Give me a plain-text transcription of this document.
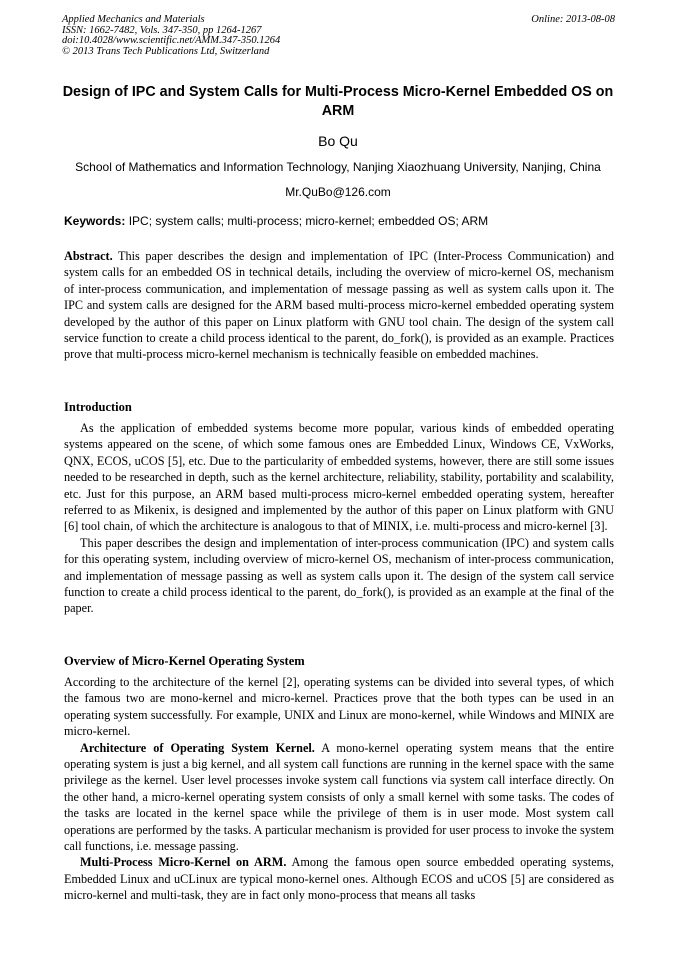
Applied Mechanics and Materials
ISSN: 1662-7482, Vols. 347-350, pp 1264-1267
doi:10.4028/www.scientific.net/AMM.347-350.1264
© 2013 Trans Tech Publications Ltd, Switzerland
Online: 2013-08-08
Design of IPC and System Calls for Multi-Process Micro-Kernel Embedded OS on ARM
Bo Qu
School of Mathematics and Information Technology, Nanjing Xiaozhuang University, Nanjing, China
Mr.QuBo@126.com
Keywords: IPC; system calls; multi-process; micro-kernel; embedded OS; ARM

Abstract. This paper describes the design and implementation of IPC (Inter-Process Communication) and system calls for an embedded OS in technical details, including the overview of micro-kernel OS, mechanism of inter-process communication, and implementation of message passing as well as system calls upon it. The IPC and system calls are designed for the ARM based multi-process micro-kernel embedded operating system developed by the author of this paper on Linux platform with GNU tool chain. The design of the system call service function to create a child process identical to the parent, do_fork(), is provided as an example. Practices prove that multi-process micro-kernel mechanism is technically feasible on embedded machines.

Introduction

As the application of embedded systems become more popular, various kinds of embedded operating systems appeared on the scene, of which some famous ones are Embedded Linux, Windows CE, VxWorks, QNX, ECOS, uCOS [5], etc. Due to the particularity of embedded systems, however, there are still some issues needed to be researched in depth, such as the kernel architecture, reliability, stability, portability and scalability, etc. Just for this purpose, an ARM based multi-process micro-kernel embedded operating system, hereafter referred to as Mikenix, is designed and implemented by the author of this paper on Linux platform with GNU [6] tool chain, of which the architecture is analogous to that of MINIX, i.e. multi-process and micro-kernel [3].

This paper describes the design and implementation of inter-process communication (IPC) and system calls for this operating system, including overview of micro-kernel OS, mechanism of inter-process communication, and implementation of message passing as well as system calls upon it. The design of the system call service function to create a child process identical to the parent, do_fork(), is provided as an example at the final of the paper.

Overview of Micro-Kernel Operating System

According to the architecture of the kernel [2], operating systems can be divided into several types, of which the famous two are mono-kernel and micro-kernel. Practices prove that the both types can be used in an operating system successfully. For example, UNIX and Linux are mono-kernel, while Windows and MINIX are micro-kernel.

Architecture of Operating System Kernel. A mono-kernel operating system means that the entire operating system is just a big kernel, and all system call functions are running in the kernel space with the same privilege as the kernel. User level processes invoke system call functions via system call interface directly. On the other hand, a micro-kernel operating system consists of only a small kernel with some tasks. The codes of the tasks are located in the kernel space while the privilege of them is in user mode. Most system call operations are performed by the tasks. A particular mechanism is provided for user process to invoke the system call functions, i.e. message passing.

Multi-Process Micro-Kernel on ARM. Among the famous open source embedded operating systems, Embedded Linux and uCLinux are typical mono-kernel ones. Although ECOS and uCOS [5] are considered as micro-kernel and multi-task, they are in fact only mono-process that means all tasks
